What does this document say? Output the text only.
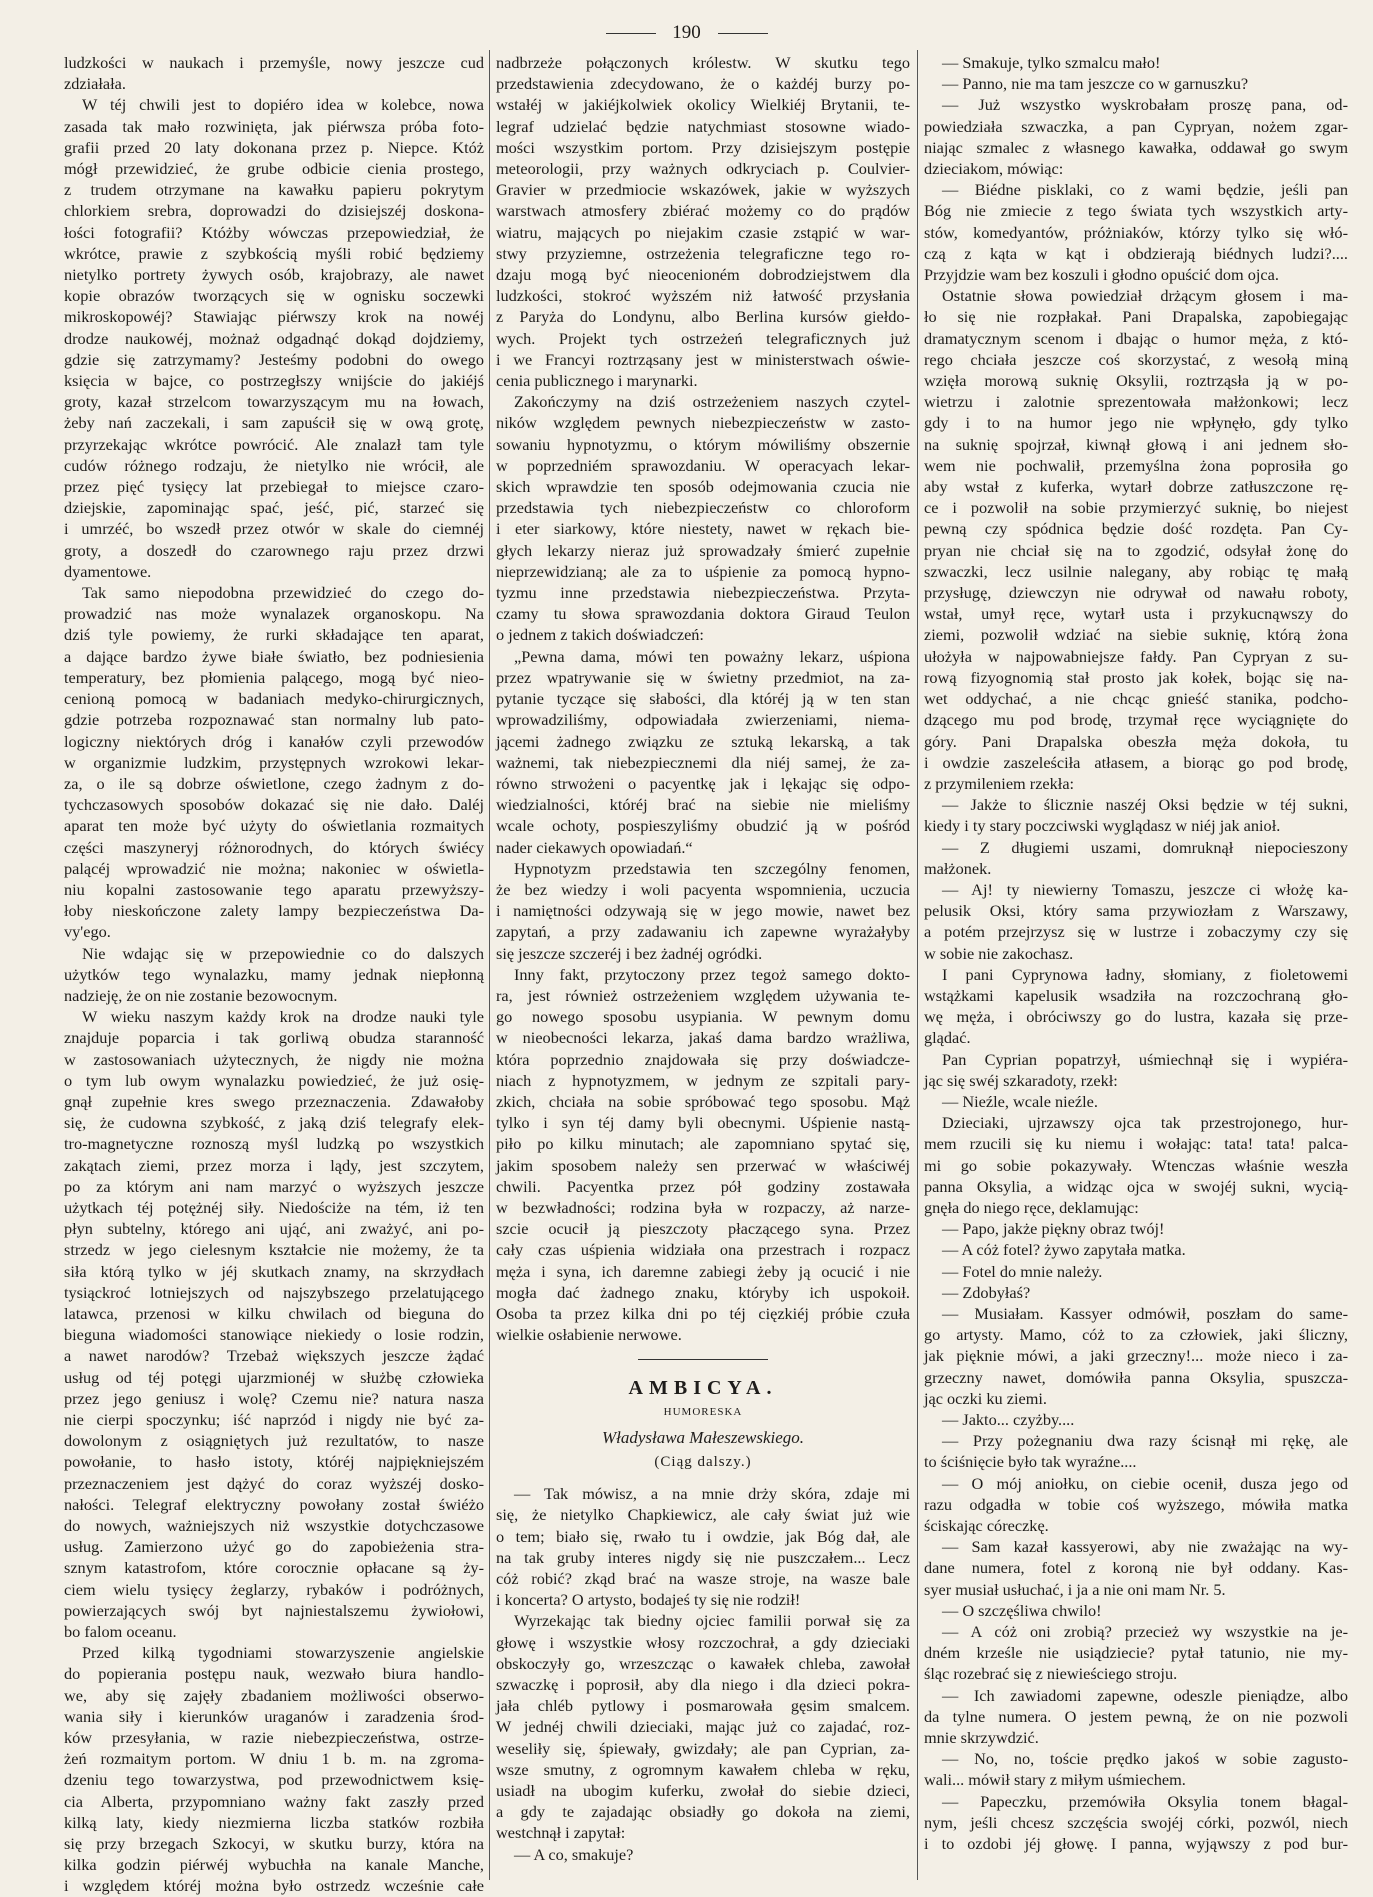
190
ludzkości w naukach i przemyśle, nowy jeszcze cud
zdziałała.
W téj chwili jest to dopiéro idea w kolebce, nowa
zasada tak mało rozwinięta, jak piérwsza próba foto-
grafii przed 20 laty dokonana przez p. Niepce. Któż
mógł przewidzieć, że grube odbicie cienia prostego,
z trudem otrzymane na kawałku papieru pokrytym
chlorkiem srebra, doprowadzi do dzisiejszéj doskona-
łości fotografii? Któżby wówczas przepowiedział, że
wkrótce, prawie z szybkością myśli robić będziemy
nietylko portrety żywych osób, krajobrazy, ale nawet
kopie obrazów tworzących się w ognisku soczewki
mikroskopowéj? Stawiając piérwszy krok na nowéj
drodze naukowéj, możnaż odgadnąć dokąd dojdziemy,
gdzie się zatrzymamy? Jesteśmy podobni do owego
księcia w bajce, co postrzegłszy wnijście do jakiéjś
groty, kazał strzelcom towarzyszącym mu na łowach,
żeby nań zaczekali, i sam zapuścił się w ową grotę,
przyrzekając wkrótce powrócić. Ale znalazł tam tyle
cudów różnego rodzaju, że nietylko nie wrócił, ale
przez pięć tysięcy lat przebiegał to miejsce czaro-
dziejskie, zapominając spać, jeść, pić, starzeć się
i umrzéć, bo wszedł przez otwór w skale do ciemnéj
groty, a doszedł do czarownego raju przez drzwi
dyamentowe.
Tak samo niepodobna przewidzieć do czego do-
prowadzić nas może wynalazek organoskopu. Na
dziś tyle powiemy, że rurki składające ten aparat,
a dające bardzo żywe białe światło, bez podniesienia
temperatury, bez płomienia palącego, mogą być nieo-
cenioną pomocą w badaniach medyko-chirurgicznych,
gdzie potrzeba rozpoznawać stan normalny lub pato-
logiczny niektórych dróg i kanałów czyli przewodów
w organizmie ludzkim, przystępnych wzrokowi lekar-
za, o ile są dobrze oświetlone, czego żadnym z do-
tychczasowych sposobów dokazać się nie dało. Daléj
aparat ten może być użyty do oświetlania rozmaitych
części maszyneryj różnorodnych, do których świécy
palącéj wprowadzić nie można; nakoniec w oświetla-
niu kopalni zastosowanie tego aparatu przewyższy-
łoby nieskończone zalety lampy bezpieczeństwa Da-
vy'ego.
Nie wdając się w przepowiednie co do dalszych
użytków tego wynalazku, mamy jednak niepłonną
nadzieję, że on nie zostanie bezowocnym.
W wieku naszym każdy krok na drodze nauki tyle
znajduje poparcia i tak gorliwą obudza staranność
w zastosowaniach użytecznych, że nigdy nie można
o tym lub owym wynalazku powiedzieć, że już osię-
gnął zupełnie kres swego przeznaczenia. Zdawałoby
się, że cudowna szybkość, z jaką dziś telegrafy elek-
tro-magnetyczne roznoszą myśl ludzką po wszystkich
zakątach ziemi, przez morza i lądy, jest szczytem,
po za którym ani nam marzyć o wyższych jeszcze
użytkach téj potężnéj siły. Niedościże na tém, iż ten
płyn subtelny, którego ani ująć, ani zważyć, ani po-
strzedz w jego cielesnym kształcie nie możemy, że ta
siła którą tylko w jéj skutkach znamy, na skrzydłach
tysiąckroć lotniejszych od najszybszego przelatującego
latawca, przenosi w kilku chwilach od bieguna do
bieguna wiadomości stanowiące niekiedy o losie rodzin,
a nawet narodów? Trzebaż większych jeszcze żądać
usług od téj potęgi ujarzmionéj w służbę człowieka
przez jego geniusz i wolę? Czemu nie? natura nasza
nie cierpi spoczynku; iść naprzód i nigdy nie być za-
dowolonym z osiągniętych już rezultatów, to nasze
powołanie, to hasło istoty, któréj najpiękniejszém
przeznaczeniem jest dążyć do coraz wyższéj dosko-
nałości. Telegraf elektryczny powołany został świéżo
do nowych, ważniejszych niż wszystkie dotychczasowe
usług. Zamierzono użyć go do zapobieżenia stra-
sznym katastrofom, które corocznie opłacane są ży-
ciem wielu tysięcy żeglarzy, rybaków i podróżnych,
powierzających swój byt najniestalszemu żywiołowi,
bo falom oceanu.
Przed kilką tygodniami stowarzyszenie angielskie
do popierania postępu nauk, wezwało biura handlo-
we, aby się zajęły zbadaniem możliwości obserwo-
wania siły i kierunków uraganów i zaradzenia środ-
ków przesyłania, w razie niebezpieczeństwa, ostrze-
żeń rozmaitym portom. W dniu 1 b. m. na zgroma-
dzeniu tego towarzystwa, pod przewodnictwem księ-
cia Alberta, przypomniano ważny fakt zaszły przed
kilką laty, kiedy niezmierna liczba statków rozbiła
się przy brzegach Szkocyi, w skutku burzy, która na
kilka godzin piérwéj wybuchła na kanale Manche,
i względem któréj można było ostrzedz wcześnie całe
nadbrzeże połączonych królestw. W skutku tego
przedstawienia zdecydowano, że o każdéj burzy po-
wstałéj w jakiéjkolwiek okolicy Wielkiéj Brytanii, te-
legraf udzielać będzie natychmiast stosowne wiado-
mości wszystkim portom. Przy dzisiejszym postępie
meteorologii, przy ważnych odkryciach p. Coulvier-
Gravier w przedmiocie wskazówek, jakie w wyższych
warstwach atmosfery zbiérać możemy co do prądów
wiatru, mających po niejakim czasie zstąpić w war-
stwy przyziemne, ostrzeżenia telegraficzne tego ro-
dzaju mogą być nieocenioném dobrodziejstwem dla
ludzkości, stokroć wyższém niż łatwość przysłania
z Paryża do Londynu, albo Berlina kursów giełdo-
wych. Projekt tych ostrzeżeń telegraficznych już
i we Francyi roztrząsany jest w ministerstwach oświe-
cenia publicznego i marynarki.
Zakończymy na dziś ostrzeżeniem naszych czytel-
ników względem pewnych niebezpieczeństw w zasto-
sowaniu hypnotyzmu, o którym mówiliśmy obszernie
w poprzedniém sprawozdaniu. W operacyach lekar-
skich wprawdzie ten sposób odejmowania czucia nie
przedstawia tych niebezpieczeństw co chloroform
i eter siarkowy, które niestety, nawet w rękach bie-
głych lekarzy nieraz już sprowadzały śmierć zupełnie
nieprzewidzianą; ale za to uśpienie za pomocą hypno-
tyzmu inne przedstawia niebezpieczeństwa. Przyta-
czamy tu słowa sprawozdania doktora Giraud Teulon
o jednem z takich doświadczeń:
„Pewna dama, mówi ten poważny lekarz, uśpiona
przez wpatrywanie się w świetny przedmiot, na za-
pytanie tyczące się słabości, dla któréj ją w ten stan
wprowadziliśmy, odpowiadała zwierzeniami, niema-
jącemi żadnego związku ze sztuką lekarską, a tak
ważnemi, tak niebezpiecznemi dla niéj samej, że za-
równo strwożeni o pacyentkę jak i lękając się odpo-
wiedzialności, któréj brać na siebie nie mieliśmy
wcale ochoty, pospieszyliśmy obudzić ją w pośród
nader ciekawych opowiadań.“
Hypnotyzm przedstawia ten szczególny fenomen,
że bez wiedzy i woli pacyenta wspomnienia, uczucia
i namiętności odzywają się w jego mowie, nawet bez
zapytań, a przy zadawaniu ich zapewne wyrażałyby
się jeszcze szczeréj i bez żadnéj ogródki.
Inny fakt, przytoczony przez tegoż samego dokto-
ra, jest również ostrzeżeniem względem używania te-
go nowego sposobu usypiania. W pewnym domu
w nieobecności lekarza, jakaś dama bardzo wrażliwa,
która poprzednio znajdowała się przy doświadcze-
niach z hypnotyzmem, w jednym ze szpitali pary-
zkich, chciała na sobie spróbować tego sposobu. Mąż
tylko i syn téj damy byli obecnymi. Uśpienie nastą-
piło po kilku minutach; ale zapomniano spytać się,
jakim sposobem należy sen przerwać w właściwéj
chwili. Pacyentka przez pół godziny zostawała
w bezwładności; rodzina była w rozpaczy, aż narze-
szcie ocucił ją pieszczoty płaczącego syna. Przez
cały czas uśpienia widziała ona przestrach i rozpacz
męża i syna, ich daremne zabiegi żeby ją ocucić i nie
mogła dać żadnego znaku, któryby ich uspokoił.
Osoba ta przez kilka dni po téj cięzkiéj próbie czuła
wielkie osłabienie nerwowe.
AMBICYA.
HUMORESKA
Władysława Małeszewskiego.
(Ciąg dalszy.)
— Tak mówisz, a na mnie drży skóra, zdaje mi
się, że nietylko Chapkiewicz, ale cały świat już wie
o tem; biało się, rwało tu i owdzie, jak Bóg dał, ale
na tak gruby interes nigdy się nie puszczałem... Lecz
cóż robić? zkąd brać na wasze stroje, na wasze bale
i koncerta? O artysto, bodajeś ty się nie rodził!
Wyrzekając tak biedny ojciec familii porwał się za
głowę i wszystkie włosy rozczochrał, a gdy dzieciaki
obskoczyły go, wrzeszcząc o kawałek chleba, zawołał
szwaczkę i poprosił, aby dla niego i dla dzieci pokra-
jała chléb pytlowy i posmarowała gęsim smalcem.
W jednéj chwili dzieciaki, mając już co zajadać, roz-
weseliły się, śpiewały, gwizdały; ale pan Cyprian, za-
wsze smutny, z ogromnym kawałem chleba w ręku,
usiadł na ubogim kuferku, zwołał do siebie dzieci,
a gdy te zajadając obsiadły go dokoła na ziemi,
westchnął i zapytał:
— A co, smakuje?
— Smakuje, tylko szmalcu mało!
— Panno, nie ma tam jeszcze co w garnuszku?
— Już wszystko wyskrobałam proszę pana, od-
powiedziała szwaczka, a pan Cypryan, nożem zgar-
niając szmalec z własnego kawałka, oddawał go swym
dzieciakom, mówiąc:
— Biédne pisklaki, co z wami będzie, jeśli pan
Bóg nie zmiecie z tego świata tych wszystkich arty-
stów, komedyantów, próżniaków, którzy tylko się włó-
czą z kąta w kąt i obdzierają biédnych ludzi?....
Przyjdzie wam bez koszuli i głodno opuścić dom ojca.
Ostatnie słowa powiedział drżącym głosem i ma-
ło się nie rozpłakał. Pani Drapalska, zapobiegając
dramatycznym scenom i dbając o humor męża, z któ-
rego chciała jeszcze coś skorzystać, z wesołą miną
wzięła morową suknię Oksylii, roztrząsła ją w po-
wietrzu i zalotnie sprezentowała małżonkowi; lecz
gdy i to na humor jego nie wpłynęło, gdy tylko
na suknię spojrzał, kiwnął głową i ani jednem sło-
wem nie pochwalił, przemyślna żona poprosiła go
aby wstał z kuferka, wytarł dobrze zatłuszczone rę-
ce i pozwolił na sobie przymierzyć suknię, bo niejest
pewną czy spódnica będzie dość rozdęta. Pan Cy-
pryan nie chciał się na to zgodzić, odsyłał żonę do
szwaczki, lecz usilnie nalegany, aby robiąc tę małą
przysługę, dziewczyn nie odrywał od nawału roboty,
wstał, umył ręce, wytarł usta i przykucnąwszy do
ziemi, pozwolił wdziać na siebie suknię, którą żona
ułożyła w najpowabniejsze fałdy. Pan Cypryan z su-
rową fizyognomią stał prosto jak kołek, bojąc się na-
wet oddychać, a nie chcąc gnieść stanika, podcho-
dzącego mu pod brodę, trzymał ręce wyciągnięte do
góry. Pani Drapalska obeszła męża dokoła, tu
i owdzie zaszeleściła atłasem, a biorąc go pod brodę,
z przymileniem rzekła:
— Jakże to ślicznie naszéj Oksi będzie w téj sukni,
kiedy i ty stary poczciwski wyglądasz w niéj jak anioł.
— Z długiemi uszami, domruknął niepocieszony
małżonek.
— Aj! ty niewierny Tomaszu, jeszcze ci włożę ka-
pelusik Oksi, który sama przywiozłam z Warszawy,
a potém przejrzysz się w lustrze i zobaczymy czy się
w sobie nie zakochasz.
I pani Cyprynowa ładny, słomiany, z fioletowemi
wstążkami kapelusik wsadziła na rozczochraną gło-
wę męża, i obróciwszy go do lustra, kazała się prze-
glądać.
Pan Cyprian popatrzył, uśmiechnął się i wypiéra-
jąc się swéj szkaradoty, rzekł:
— Nieźle, wcale nieźle.
Dzieciaki, ujrzawszy ojca tak przestrojonego, hur-
mem rzucili się ku niemu i wołając: tata! tata! palca-
mi go sobie pokazywały. Wtenczas właśnie weszła
panna Oksylia, a widząc ojca w swojéj sukni, wycią-
gnęła do niego ręce, deklamując:
— Papo, jakże piękny obraz twój!
— A cóż fotel? żywo zapytała matka.
— Fotel do mnie należy.
— Zdobyłaś?
— Musiałam. Kassyer odmówił, poszłam do same-
go artysty. Mamo, cóż to za człowiek, jaki śliczny,
jak pięknie mówi, a jaki grzeczny!... może nieco i za-
grzeczny nawet, domówiła panna Oksylia, spuszcza-
jąc oczki ku ziemi.
— Jakto... czyżby....
— Przy pożegnaniu dwa razy ścisnął mi rękę, ale
to ściśnięcie było tak wyraźne....
— O mój aniołku, on ciebie ocenił, dusza jego od
razu odgadła w tobie coś wyższego, mówiła matka
ściskając córeczkę.
— Sam kazał kassyerowi, aby nie zważając na wy-
dane numera, fotel z koroną nie był oddany. Kas-
syer musiał usłuchać, i ja a nie oni mam Nr. 5.
— O szczęśliwa chwilo!
— A cóż oni zrobią? przecież wy wszystkie na je-
dném krześle nie usiądziecie? pytał tatunio, nie my-
śląc rozebrać się z niewieściego stroju.
— Ich zawiadomi zapewne, odeszle pieniądze, albo
da tylne numera. O jestem pewną, że on nie pozwoli
mnie skrzywdzić.
— No, no, toście prędko jakoś w sobie zagusto-
wali... mówił stary z miłym uśmiechem.
— Papeczku, przemówiła Oksylia tonem błagal-
nym, jeśli chcesz szczęścia swojéj córki, pozwól, niech
i to ozdobi jéj głowę. I panna, wyjąwszy z pod bur-
